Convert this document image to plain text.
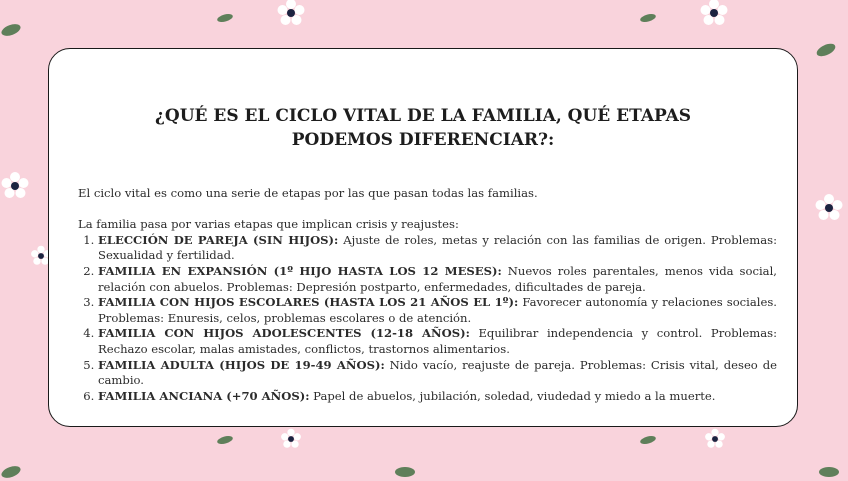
¿QUÉ ES EL CICLO VITAL DE LA FAMILIA, QUÉ ETAPAS
PODEMOS DIFERENCIAR?:

El ciclo vital es como una serie de etapas por las que pasan todas las familias.

La familia pasa por varias etapas que implican crisis y reajustes:

1. ELECCIÓN DE PAREJA (SIN HIJOS): Ajuste de roles, metas y relación con las familias de origen. Problemas: Sexualidad y fertilidad.
2. FAMILIA EN EXPANSIÓN (1º HIJO HASTA LOS 12 MESES): Nuevos roles parentales, menos vida social, relación con abuelos. Problemas: Depresión postparto, enfermedades, dificultades de pareja.
3. FAMILIA CON HIJOS ESCOLARES (HASTA LOS 21 AÑOS EL 1º): Favorecer autonomía y relaciones sociales. Problemas: Enuresis, celos, problemas escolares o de atención.
4. FAMILIA CON HIJOS ADOLESCENTES (12-18 AÑOS): Equilibrar independencia y control. Problemas: Rechazo escolar, malas amistades, conflictos, trastornos alimentarios.
5. FAMILIA ADULTA (HIJOS DE 19-49 AÑOS): Nido vacío, reajuste de pareja. Problemas: Crisis vital, deseo de cambio.
6. FAMILIA ANCIANA (+70 AÑOS): Papel de abuelos, jubilación, soledad, viudedad y miedo a la muerte.
